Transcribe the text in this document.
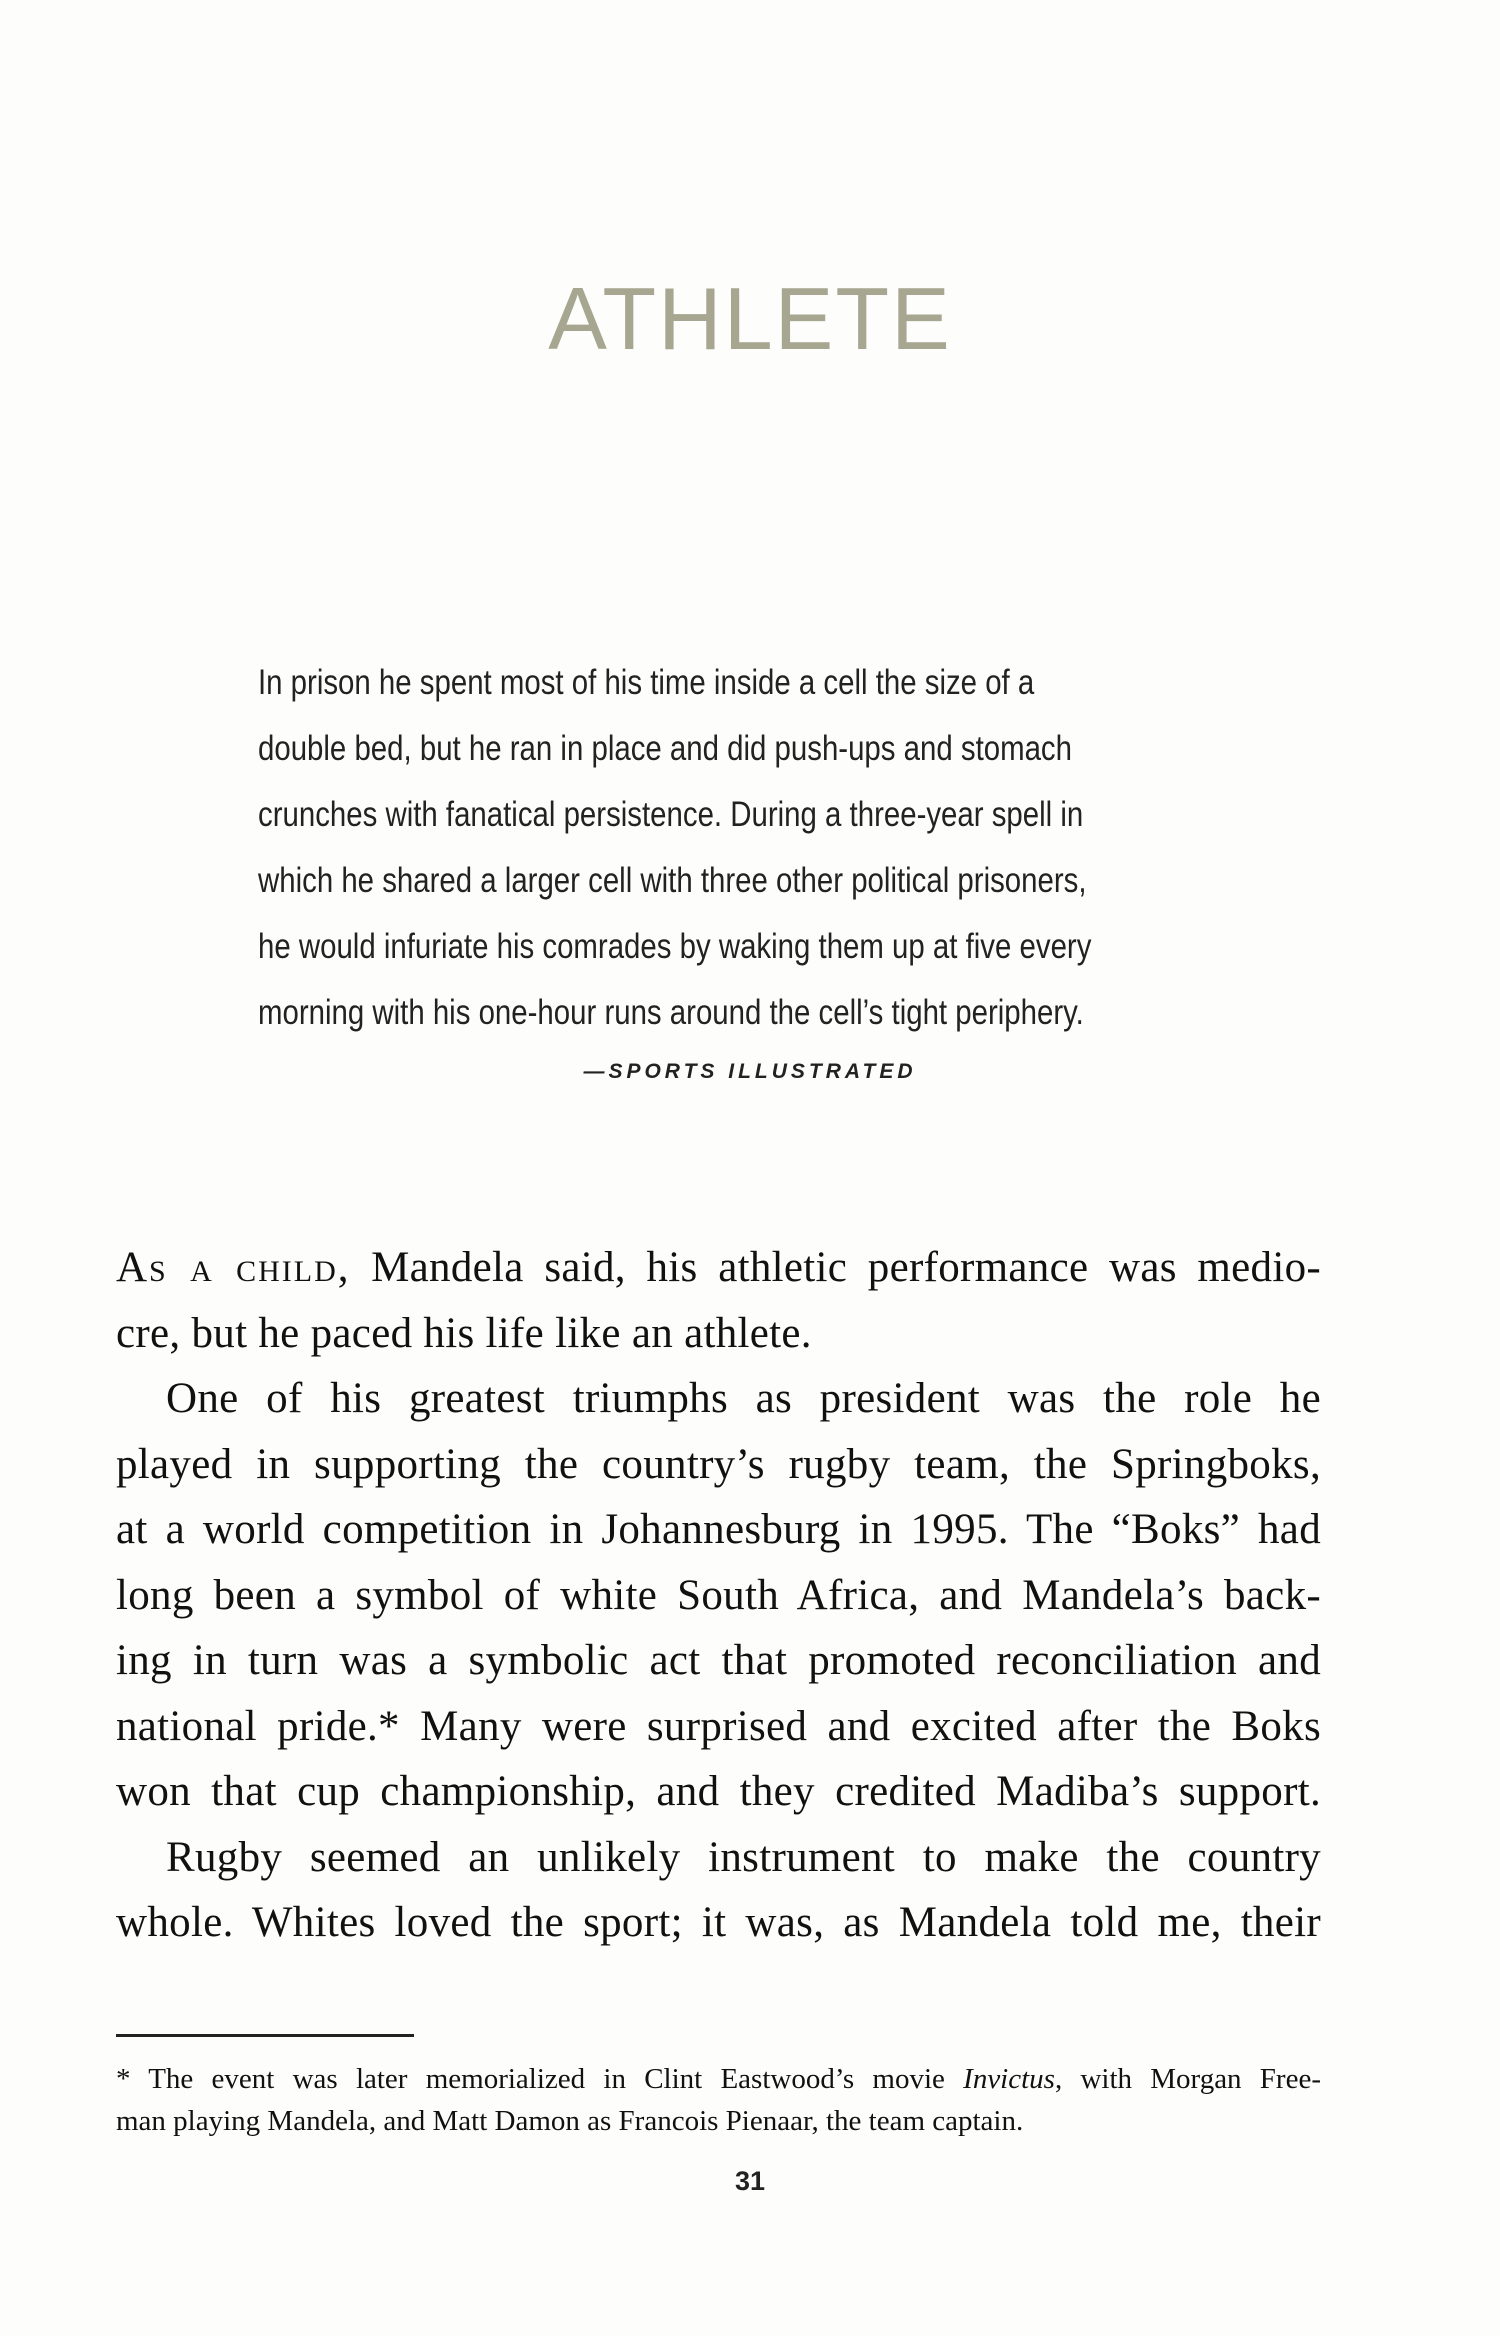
ATHLETE
In prison he spent most of his time inside a cell the size of a
double bed, but he ran in place and did push-ups and stomach
crunches with fanatical persistence. During a three-year spell in
which he shared a larger cell with three other political prisoners,
he would infuriate his comrades by waking them up at five every
morning with his one-hour runs around the cell’s tight periphery.
—SPORTS ILLUSTRATED
As a child, Mandela said, his athletic performance was medio-
cre, but he paced his life like an athlete.
One of his greatest triumphs as president was the role he
played in supporting the country’s rugby team, the Springboks,
at a world competition in Johannesburg in 1995. The “Boks” had
long been a symbol of white South Africa, and Mandela’s back-
ing in turn was a symbolic act that promoted reconciliation and
national pride.* Many were surprised and excited after the Boks
won that cup championship, and they credited Madiba’s support.
Rugby seemed an unlikely instrument to make the country
whole. Whites loved the sport; it was, as Mandela told me, their
* The event was later memorialized in Clint Eastwood’s movie Invictus, with Morgan Free-
man playing Mandela, and Matt Damon as Francois Pienaar, the team captain.
31
